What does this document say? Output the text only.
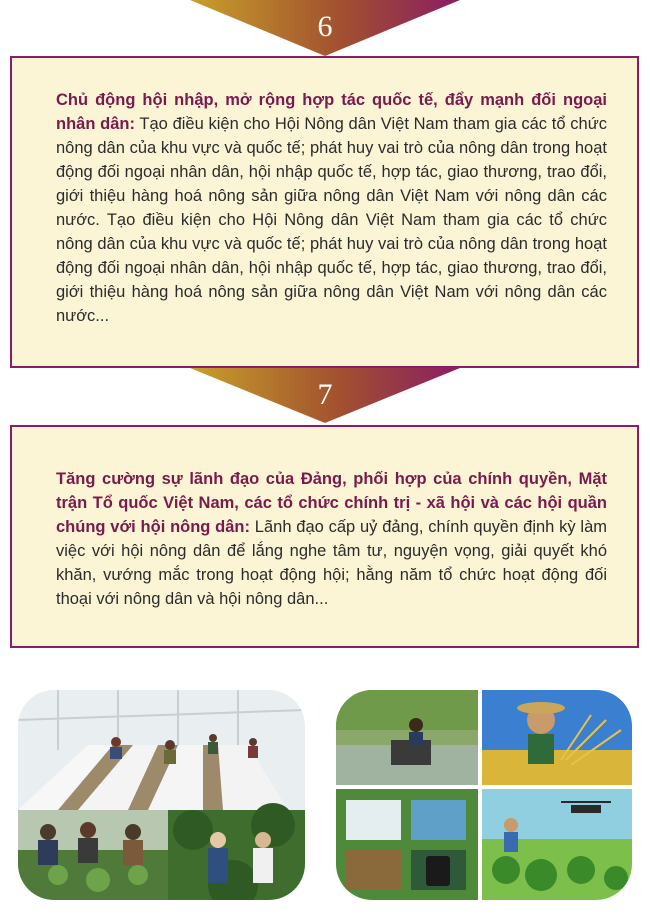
6

Chủ động hội nhập, mở rộng hợp tác quốc tế, đẩy mạnh đối ngoại nhân dân: Tạo điều kiện cho Hội Nông dân Việt Nam tham gia các tổ chức nông dân của khu vực và quốc tế; phát huy vai trò của nông dân trong hoạt động đối ngoại nhân dân, hội nhập quốc tế, hợp tác, giao thương, trao đổi, giới thiệu hàng hoá nông sản giữa nông dân Việt Nam với nông dân các nước. Tạo điều kiện cho Hội Nông dân Việt Nam tham gia các tổ chức nông dân của khu vực và quốc tế; phát huy vai trò của nông dân trong hoạt động đối ngoại nhân dân, hội nhập quốc tế, hợp tác, giao thương, trao đổi, giới thiệu hàng hoá nông sản giữa nông dân Việt Nam với nông dân các nước...

7

Tăng cường sự lãnh đạo của Đảng, phối hợp của chính quyền, Mặt trận Tổ quốc Việt Nam, các tổ chức chính trị - xã hội và các hội quần chúng với hội nông dân: Lãnh đạo cấp uỷ đảng, chính quyền định kỳ làm việc với hội nông dân để lắng nghe tâm tư, nguyện vọng, giải quyết khó khăn, vướng mắc trong hoạt động hội; hằng năm tổ chức hoạt động đối thoại với nông dân và hội nông dân...
